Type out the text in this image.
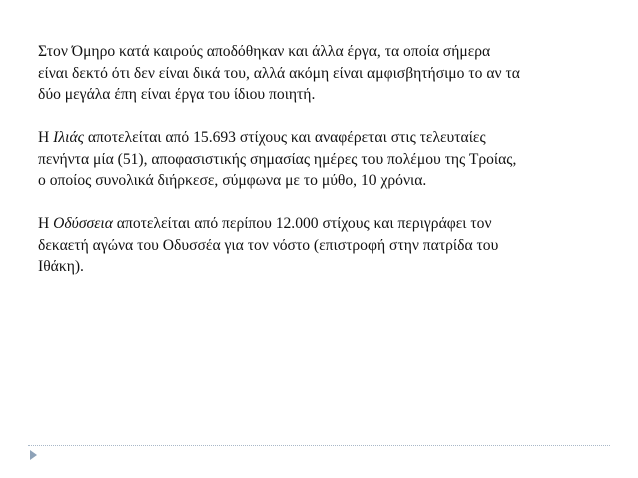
Στον Όμηρο κατά καιρούς αποδόθηκαν και άλλα έργα, τα οποία σήμερα
είναι δεκτό ότι δεν είναι δικά του, αλλά ακόμη είναι αμφισβητήσιμο το αν τα
δύο μεγάλα έπη είναι έργα του ίδιου ποιητή.

Η Ιλιάς αποτελείται από 15.693 στίχους και αναφέρεται στις τελευταίες
πενήντα μία (51), αποφασιστικής σημασίας ημέρες του πολέμου της Τροίας,
ο οποίος συνολικά διήρκεσε, σύμφωνα με το μύθο, 10 χρόνια.

Η Οδύσσεια αποτελείται από περίπου 12.000 στίχους και περιγράφει τον
δεκαετή αγώνα του Οδυσσέα για τον νόστο (επιστροφή στην πατρίδα του
Ιθάκη).
